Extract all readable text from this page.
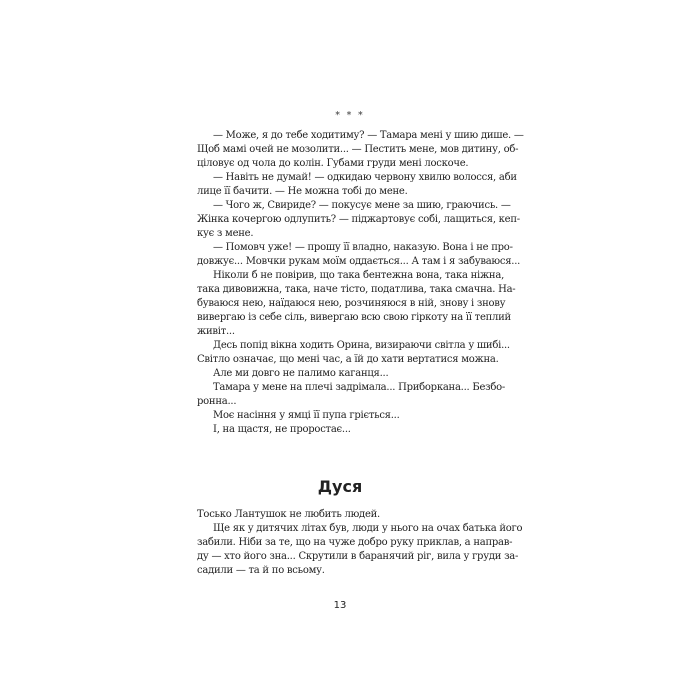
* * *
— Може, я до тебе ходитиму? — Тамара мені у шию дише. —
Щоб мамі очей не мозолити... — Пестить мене, мов дитину, об-
ціловує од чола до колін. Губами груди мені лоскоче.
— Навіть не думай! — одкидаю червону хвилю волосся, аби
лице її бачити. — Не можна тобі до мене.
— Чого ж, Свириде? — покусує мене за шию, граючись. —
Жінка кочергою одлупить? — піджартовує собі, лащиться, кеп-
кує з мене.
— Помовч уже! — прошу її владно, наказую. Вона і не про-
довжує... Мовчки рукам моїм оддається... А там і я забуваюся...
Ніколи б не повірив, що така бентежна вона, така ніжна,
така дивовижна, така, наче тісто, податлива, така смачна. На-
буваюся нею, наїдаюся нею, розчиняюся в ній, знову і знову
вивергаю із себе сіль, вивергаю всю свою гіркоту на її теплий
живіт...
Десь попід вікна ходить Орина, визираючи світла у шибі...
Світло означає, що мені час, а їй до хати вертатися можна.
Але ми довго не палимо каганця...
Тамара у мене на плечі задрімала... Приборкана... Безбо-
ронна...
Моє насіння у ямці її пупа гріється...
І, на щастя, не проростає...
Дуся
Тосько Лантушок не любить людей.
Ще як у дитячих літах був, люди у нього на очах батька його
забили. Ніби за те, що на чуже добро руку приклав, а направ-
ду — хто його зна... Скрутили в баранячий ріг, вила у груди за-
садили — та й по всьому.
13
